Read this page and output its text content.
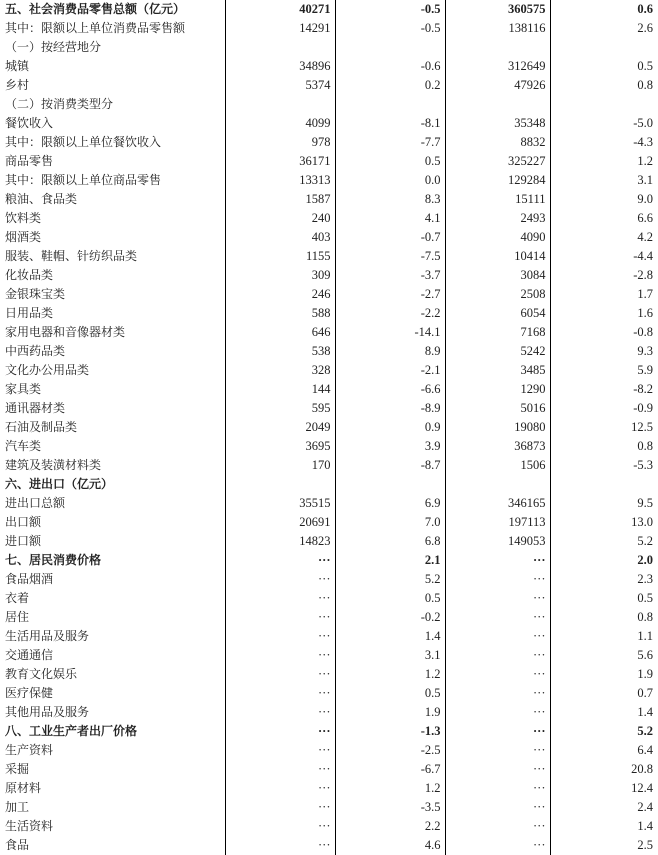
五、社会消费品零售总额（亿元）	40271	-0.5	360575	0.6
其中：限额以上单位消费品零售额	14291	-0.5	138116	2.6
（一）按经营地分				
城镇	34896	-0.6	312649	0.5
乡村	5374	0.2	47926	0.8
（二）按消费类型分				
餐饮收入	4099	-8.1	35348	-5.0
其中：限额以上单位餐饮收入	978	-7.7	8832	-4.3
商品零售	36171	0.5	325227	1.2
其中：限额以上单位商品零售	13313	0.0	129284	3.1
粮油、食品类	1587	8.3	15111	9.0
饮料类	240	4.1	2493	6.6
烟酒类	403	-0.7	4090	4.2
服装、鞋帽、针纺织品类	1155	-7.5	10414	-4.4
化妆品类	309	-3.7	3084	-2.8
金银珠宝类	246	-2.7	2508	1.7
日用品类	588	-2.2	6054	1.6
家用电器和音像器材类	646	-14.1	7168	-0.8
中西药品类	538	8.9	5242	9.3
文化办公用品类	328	-2.1	3485	5.9
家具类	144	-6.6	1290	-8.2
通讯器材类	595	-8.9	5016	-0.9
石油及制品类	2049	0.9	19080	12.5
汽车类	3695	3.9	36873	0.8
建筑及装潢材料类	170	-8.7	1506	-5.3
六、进出口（亿元）				
进出口总额	35515	6.9	346165	9.5
出口额	20691	7.0	197113	13.0
进口额	14823	6.8	149053	5.2
七、居民消费价格	···	2.1	···	2.0
食品烟酒	···	5.2	···	2.3
衣着	···	0.5	···	0.5
居住	···	-0.2	···	0.8
生活用品及服务	···	1.4	···	1.1
交通通信	···	3.1	···	5.6
教育文化娱乐	···	1.2	···	1.9
医疗保健	···	0.5	···	0.7
其他用品及服务	···	1.9	···	1.4
八、工业生产者出厂价格	···	-1.3	···	5.2
生产资料	···	-2.5	···	6.4
采掘	···	-6.7	···	20.8
原材料	···	1.2	···	12.4
加工	···	-3.5	···	2.4
生活资料	···	2.2	···	1.4
食品	···	4.6	···	2.5
